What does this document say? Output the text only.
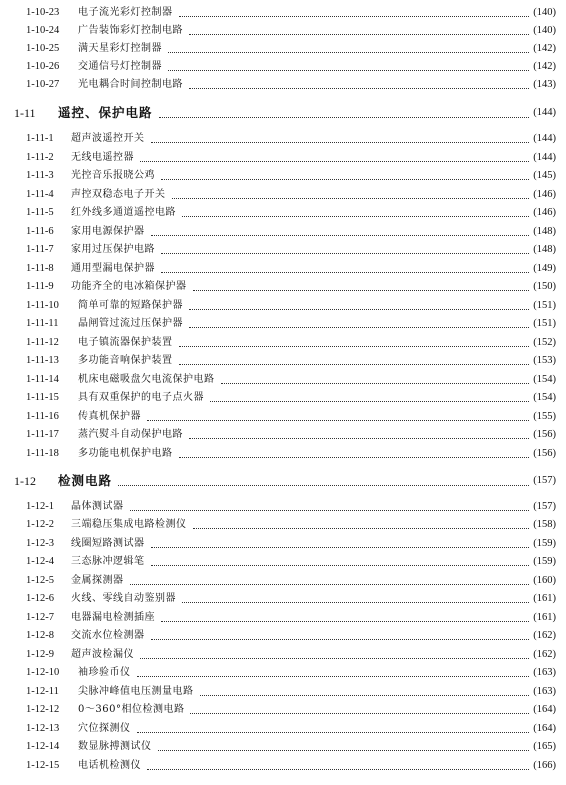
1-10-23 电子流光彩灯控制器	(140)
1-10-24 广告装饰彩灯控制电路	(140)
1-10-25 满天星彩灯控制器	(142)
1-10-26 交通信号灯控制器	(142)
1-10-27 光电耦合时间控制电路	(143)
1-11 遥控、保护电路	(144)
1-11-1 超声波遥控开关	(144)
1-11-2 无线电遥控器	(144)
1-11-3 光控音乐报晓公鸡	(145)
1-11-4 声控双稳态电子开关	(146)
1-11-5 红外线多通道遥控电路	(146)
1-11-6 家用电源保护器	(148)
1-11-7 家用过压保护电路	(148)
1-11-8 通用型漏电保护器	(149)
1-11-9 功能齐全的电冰箱保护器	(150)
1-11-10 简单可靠的短路保护器	(151)
1-11-11 晶闸管过流过压保护器	(151)
1-11-12 电子镇流器保护装置	(152)
1-11-13 多功能音响保护装置	(153)
1-11-14 机床电磁吸盘欠电流保护电路	(154)
1-11-15 具有双重保护的电子点火器	(154)
1-11-16 传真机保护器	(155)
1-11-17 蒸汽熨斗自动保护电路	(156)
1-11-18 多功能电机保护电路	(156)
1-12 检测电路	(157)
1-12-1 晶体测试器	(157)
1-12-2 三端稳压集成电路检测仪	(158)
1-12-3 线圈短路测试器	(159)
1-12-4 三态脉冲逻辑笔	(159)
1-12-5 金属探测器	(160)
1-12-6 火线、零线自动鉴别器	(161)
1-12-7 电器漏电检测插座	(161)
1-12-8 交流水位检测器	(162)
1-12-9 超声波检漏仪	(162)
1-12-10 袖珍验币仪	(163)
1-12-11 尖脉冲峰值电压测量电路	(163)
1-12-12 0～360°相位检测电路	(164)
1-12-13 穴位探测仪	(164)
1-12-14 数显脉搏测试仪	(165)
1-12-15 电话机检测仪	(166)
